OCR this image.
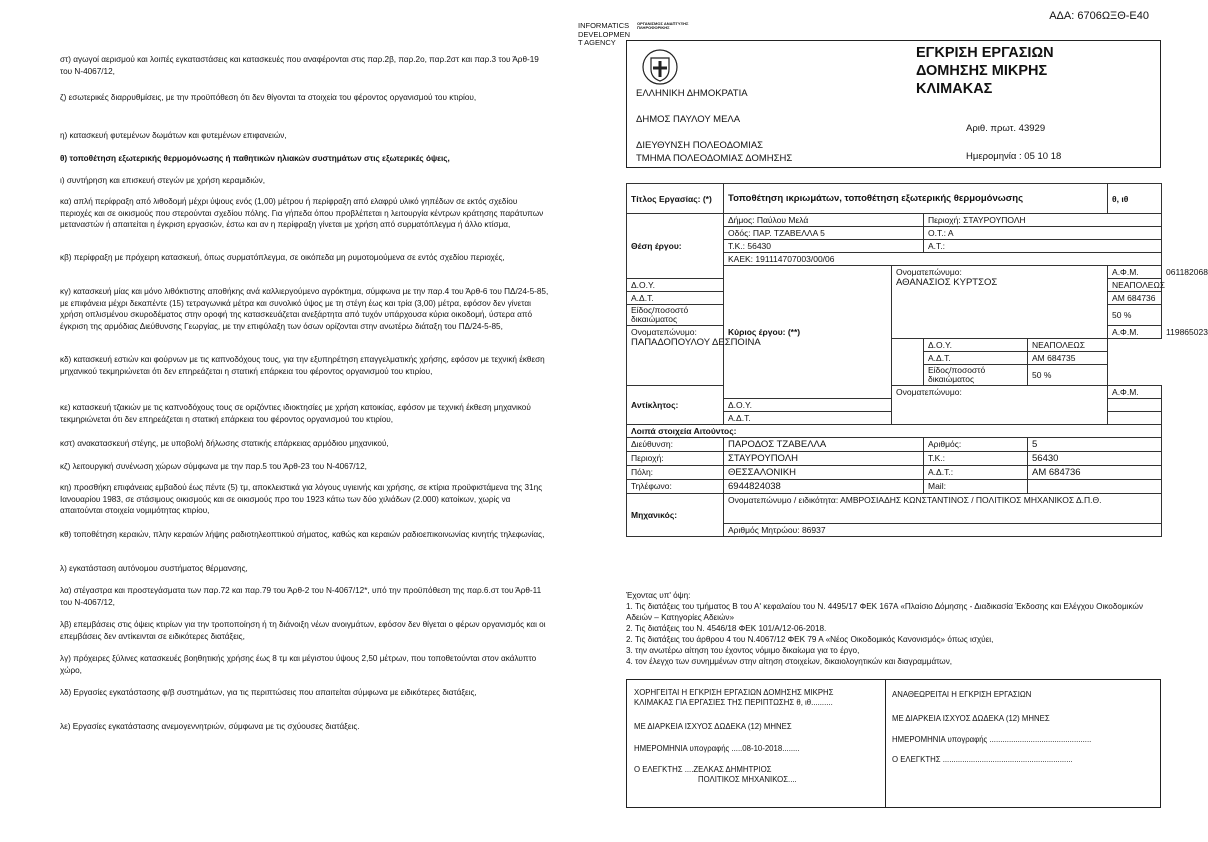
ΑΔΑ: 6706ΩΞΘ-Ε40
στ) αγωγοί αερισμού και λοιπές εγκαταστάσεις και κατασκευές που αναφέρονται στις παρ.2β, παρ.2ο, παρ.2στ και παρ.3 του Άρθ-19 του Ν-4067/12,
ζ) εσωτερικές διαρρυθμίσεις, με την προϋπόθεση ότι δεν θίγονται τα στοιχεία του φέροντος οργανισμού του κτιρίου,
η) κατασκευή φυτεμένων δωμάτων και φυτεμένων επιφανειών,
θ) τοποθέτηση εξωτερικής θερμομόνωσης ή παθητικών ηλιακών συστημάτων στις εξωτερικές όψεις,
ι) συντήρηση και επισκευή στεγών με χρήση κεραμιδιών,
κα) απλή περίφραξη από λιθοδομή μέχρι ύψους ενός (1,00) μέτρου ή περίφραξη από ελαφρύ υλικό γηπέδων σε εκτός σχεδίου περιοχές και σε οικισμούς που στερούνται σχεδίου πόλης. Για γήπεδα όπου προβλέπεται η λειτουργία κέντρων κράτησης παράτυπων μεταναστών ή απαιτείται η έγκριση εργασιών, έστω και αν η περίφραξη γίνεται με χρήση από συρματόπλεγμα ή άλλο κτίσμα,
κβ) περίφραξη με πρόχειρη κατασκευή, όπως συρματόπλεγμα, σε οικόπεδα μη ρυμοτομούμενα σε εντός σχεδίου περιοχές,
κγ) κατασκευή μίας και μόνο λιθόκτιστης αποθήκης ανά καλλιεργούμενο αγρόκτημα, σύμφωνα με την παρ.4 του Άρθ-6 του ΠΔ/24-5-85, με επιφάνεια μέχρι δεκαπέντε (15) τετραγωνικά μέτρα και συνολικό ύψος με τη στέγη έως και τρία (3,00) μέτρα, εφόσον δεν γίνεται χρήση οπλισμένου σκυροδέματος στην οροφή της κατασκευάζεται ανεξάρτητα από τυχόν υπάρχουσα κύρια οικοδομή, ύστερα από έγκριση της αρμόδιας Διεύθυνσης Γεωργίας, με την επιφύλαξη των όσων ορίζονται στην ανωτέρω διάταξη του ΠΔ/24-5-85,
κδ) κατασκευή εστιών και φούρνων με τις καπνοδόχους τους, για την εξυπηρέτηση επαγγελματικής χρήσης, εφόσον με τεχνική έκθεση μηχανικού τεκμηριώνεται ότι δεν επηρεάζεται η στατική επάρκεια του φέροντος οργανισμού του κτιρίου,
κε) κατασκευή τζακιών με τις καπνοδόχους τους σε οριζόντιες ιδιοκτησίες με χρήση κατοικίας, εφόσον με τεχνική έκθεση μηχανικού τεκμηριώνεται ότι δεν επηρεάζεται η στατική επάρκεια του φέροντος οργανισμού του κτιρίου,
κστ) ανακατασκευή στέγης, με υποβολή δήλωσης στατικής επάρκειας αρμόδιου μηχανικού,
κζ) λειτουργική συνένωση χώρων σύμφωνα με την παρ.5 του Άρθ-23 του Ν-4067/12,
κη) προσθήκη επιφάνειας εμβαδού έως πέντε (5) τμ, αποκλειστικά για λόγους υγιεινής και χρήσης, σε κτίρια προϋφιστάμενα της 31ης Ιανουαρίου 1983, σε στάσιμους οικισμούς και σε οικισμούς προ του 1923 κάτω των δύο χιλιάδων (2.000) κατοίκων, χωρίς να απαιτούνται στοιχεία νομιμότητας κτιρίου,
κθ) τοποθέτηση κεραιών, πλην κεραιών λήψης ραδιοτηλεοπτικού σήματος, καθώς και κεραιών ραδιοεπικοινωνίας κινητής τηλεφωνίας,
λ) εγκατάσταση αυτόνομου συστήματος θέρμανσης,
λα) στέγαστρα και προστεγάσματα των παρ.72 και παρ.79 του Άρθ-2 του Ν-4067/12*, υπό την προϋπόθεση της παρ.6.στ του Άρθ-11 του Ν-4067/12,
λβ) επεμβάσεις στις όψεις κτιρίων για την τροποποίηση ή τη διάνοιξη νέων ανοιγμάτων, εφόσον δεν θίγεται ο φέρων οργανισμός και οι επεμβάσεις δεν αντίκεινται σε ειδικότερες διατάξεις,
λγ) πρόχειρες ξύλινες κατασκευές βοηθητικής χρήσης έως 8 τμ και μέγιστου ύψους 2,50 μέτρων, που τοποθετούνται στον ακάλυπτο χώρο,
λδ) Εργασίες εγκατάστασης φ/β συστημάτων, για τις περιπτώσεις που απαιτείται σύμφωνα με ειδικότερες διατάξεις,
λε) Εργασίες εγκατάστασης ανεμογεννητριών, σύμφωνα με τις σχύουσες διατάξεις.
INFORMATICS
DEVELOPMEN
T AGENCY
ΟΡΓΑΝΙΣΜΟΣ ΑΝΑΠΤΥΞΗΣ ΠΛΗΡΟΦΟΡΙΚΗΣ
ΕΓΚΡΙΣΗ ΕΡΓΑΣΙΩΝ
ΔΟΜΗΣΗΣ ΜΙΚΡΗΣ
ΚΛΙΜΑΚΑΣ
ΕΛΛΗΝΙΚΗ ΔΗΜΟΚΡΑΤΙΑ
ΔΗΜΟΣ ΠΑΥΛΟΥ ΜΕΛΑ
ΔΙΕΥΘΥΝΣΗ ΠΟΛΕΟΔΟΜΙΑΣ
ΤΜΗΜΑ ΠΟΛΕΟΔΟΜΙΑΣ ΔΟΜΗΣΗΣ
Αριθ. πρωτ. 43929
Ημερομηνία : 05 10 18
Τίτλος Εργασίας: (*)	Τοποθέτηση ικριωμάτων, τοποθέτηση εξωτερικής θερμομόνωσης				θ, ιθ	
Θέση έργου:	Δήμος: Παύλου Μελά		Περιοχή: ΣΤΑΥΡΟΥΠΟΛΗ			
	Οδός: ΠΑΡ. ΤΖΑΒΕΛΛΑ 5		Ο.Τ.: Α			
	Τ.Κ.: 56430		Α.Τ.:			
	ΚΑΕΚ: 191114707003/00/06					
	Κύριος έργου: (**)	Ονοματεπώνυμο:
ΑΘΑΝΑΣΙΟΣ ΚΥΡΤΣΟΣ			Α.Φ.Μ.	061182068
Δ.Ο.Υ.					ΝΕΑΠΟΛΕΩΣ	
Α.Δ.Τ.					ΑΜ 684736	
Είδος/ποσοστό δικαιώματος					50 %	

Ονοματεπώνυμο:
ΠΑΠΑΔΟΠΟΥΛΟΥ ΔΕΣΠΟΙΝΑ					Α.Φ.Μ.	119865023
			Δ.Ο.Υ.	ΝΕΑΠΟΛΕΩΣ		
			Α.Δ.Τ.	ΑΜ 684735		
			Είδος/ποσοστό δικαιώματος	50 %		
Αντίκλητος:		Ονοματεπώνυμο:			Α.Φ.Μ.	
	Δ.Ο.Υ.					
	Α.Δ.Τ.					
Λοιπά στοιχεία Αιτούντος:						
Διεύθυνση:	ΠΑΡΟΔΟΣ ΤΖΑΒΕΛΛΑ		Αριθμός:	5		
Περιοχή:	ΣΤΑΥΡΟΥΠΟΛΗ		Τ.Κ.:	56430		
Πόλη:	ΘΕΣΣΑΛΟΝΙΚΗ		Α.Δ.Τ.:	ΑΜ 684736		
Τηλέφωνο:	6944824038		Mail:			
Μηχανικός:	Ονοματεπώνυμο / ειδικότητα: ΑΜΒΡΟΣΙΑΔΗΣ ΚΩΝΣΤΑΝΤΙΝΟΣ / ΠΟΛΙΤΙΚΟΣ ΜΗΧΑΝΙΚΟΣ Δ.Π.Θ.					
	Αριθμός Μητρώου: 86937					
Έχοντας υπ' όψη:
1. Τις διατάξεις του τμήματος Β του Α' κεφαλαίου του Ν. 4495/17 ΦΕΚ 167Α «Πλαίσιο Δόμησης - Διαδικασία Έκδοσης και Ελέγχου Οικοδομικών Αδειών – Κατηγορίες Αδειών»
2. Τις διατάξεις του Ν. 4546/18 ΦΕΚ 101/Α/12-06-2018.
2. Τις διατάξεις του άρθρου 4 του Ν.4067/12 ΦΕΚ 79 Α «Νέος Οικοδομικός Κανονισμός» όπως ισχύει,
3. την ανωτέρω αίτηση του έχοντος νόμιμο δικαίωμα για το έργο,
4. τον έλεγχο των συνημμένων στην αίτηση στοιχείων, δικαιολογητικών και διαγραμμάτων,
ΧΟΡΗΓΕΙΤΑΙ Η ΕΓΚΡΙΣΗ ΕΡΓΑΣΙΩΝ ΔΟΜΗΣΗΣ ΜΙΚΡΗΣ ΚΛΙΜΑΚΑΣ ΓΙΑ ΕΡΓΑΣΙΕΣ ΤΗΣ ΠΕΡΙΠΤΩΣΗΣ θ, ιθ..........
ΜΕ ΔΙΑΡΚΕΙΑ ΙΣΧΥΟΣ ΔΩΔΕΚΑ (12) ΜΗΝΕΣ
ΗΜΕΡΟΜΗΝΙΑ υπογραφής .....08-10-2018........
Ο ΕΛΕΓΚΤΗΣ ....ΖΕΛΚΑΣ ΔΗΜΗΤΡΙΟΣ
ΠΟΛΙΤΙΚΟΣ ΜΗΧΑΝΙΚΟΣ....
ΑΝΑΘΕΩΡΕΙΤΑΙ Η ΕΓΚΡΙΣΗ ΕΡΓΑΣΙΩΝ
ΜΕ ΔΙΑΡΚΕΙΑ ΙΣΧΥΟΣ ΔΩΔΕΚΑ (12) ΜΗΝΕΣ
ΗΜΕΡΟΜΗΝΙΑ υπογραφής ...............................................
Ο ΕΛΕΓΚΤΗΣ ............................................................
